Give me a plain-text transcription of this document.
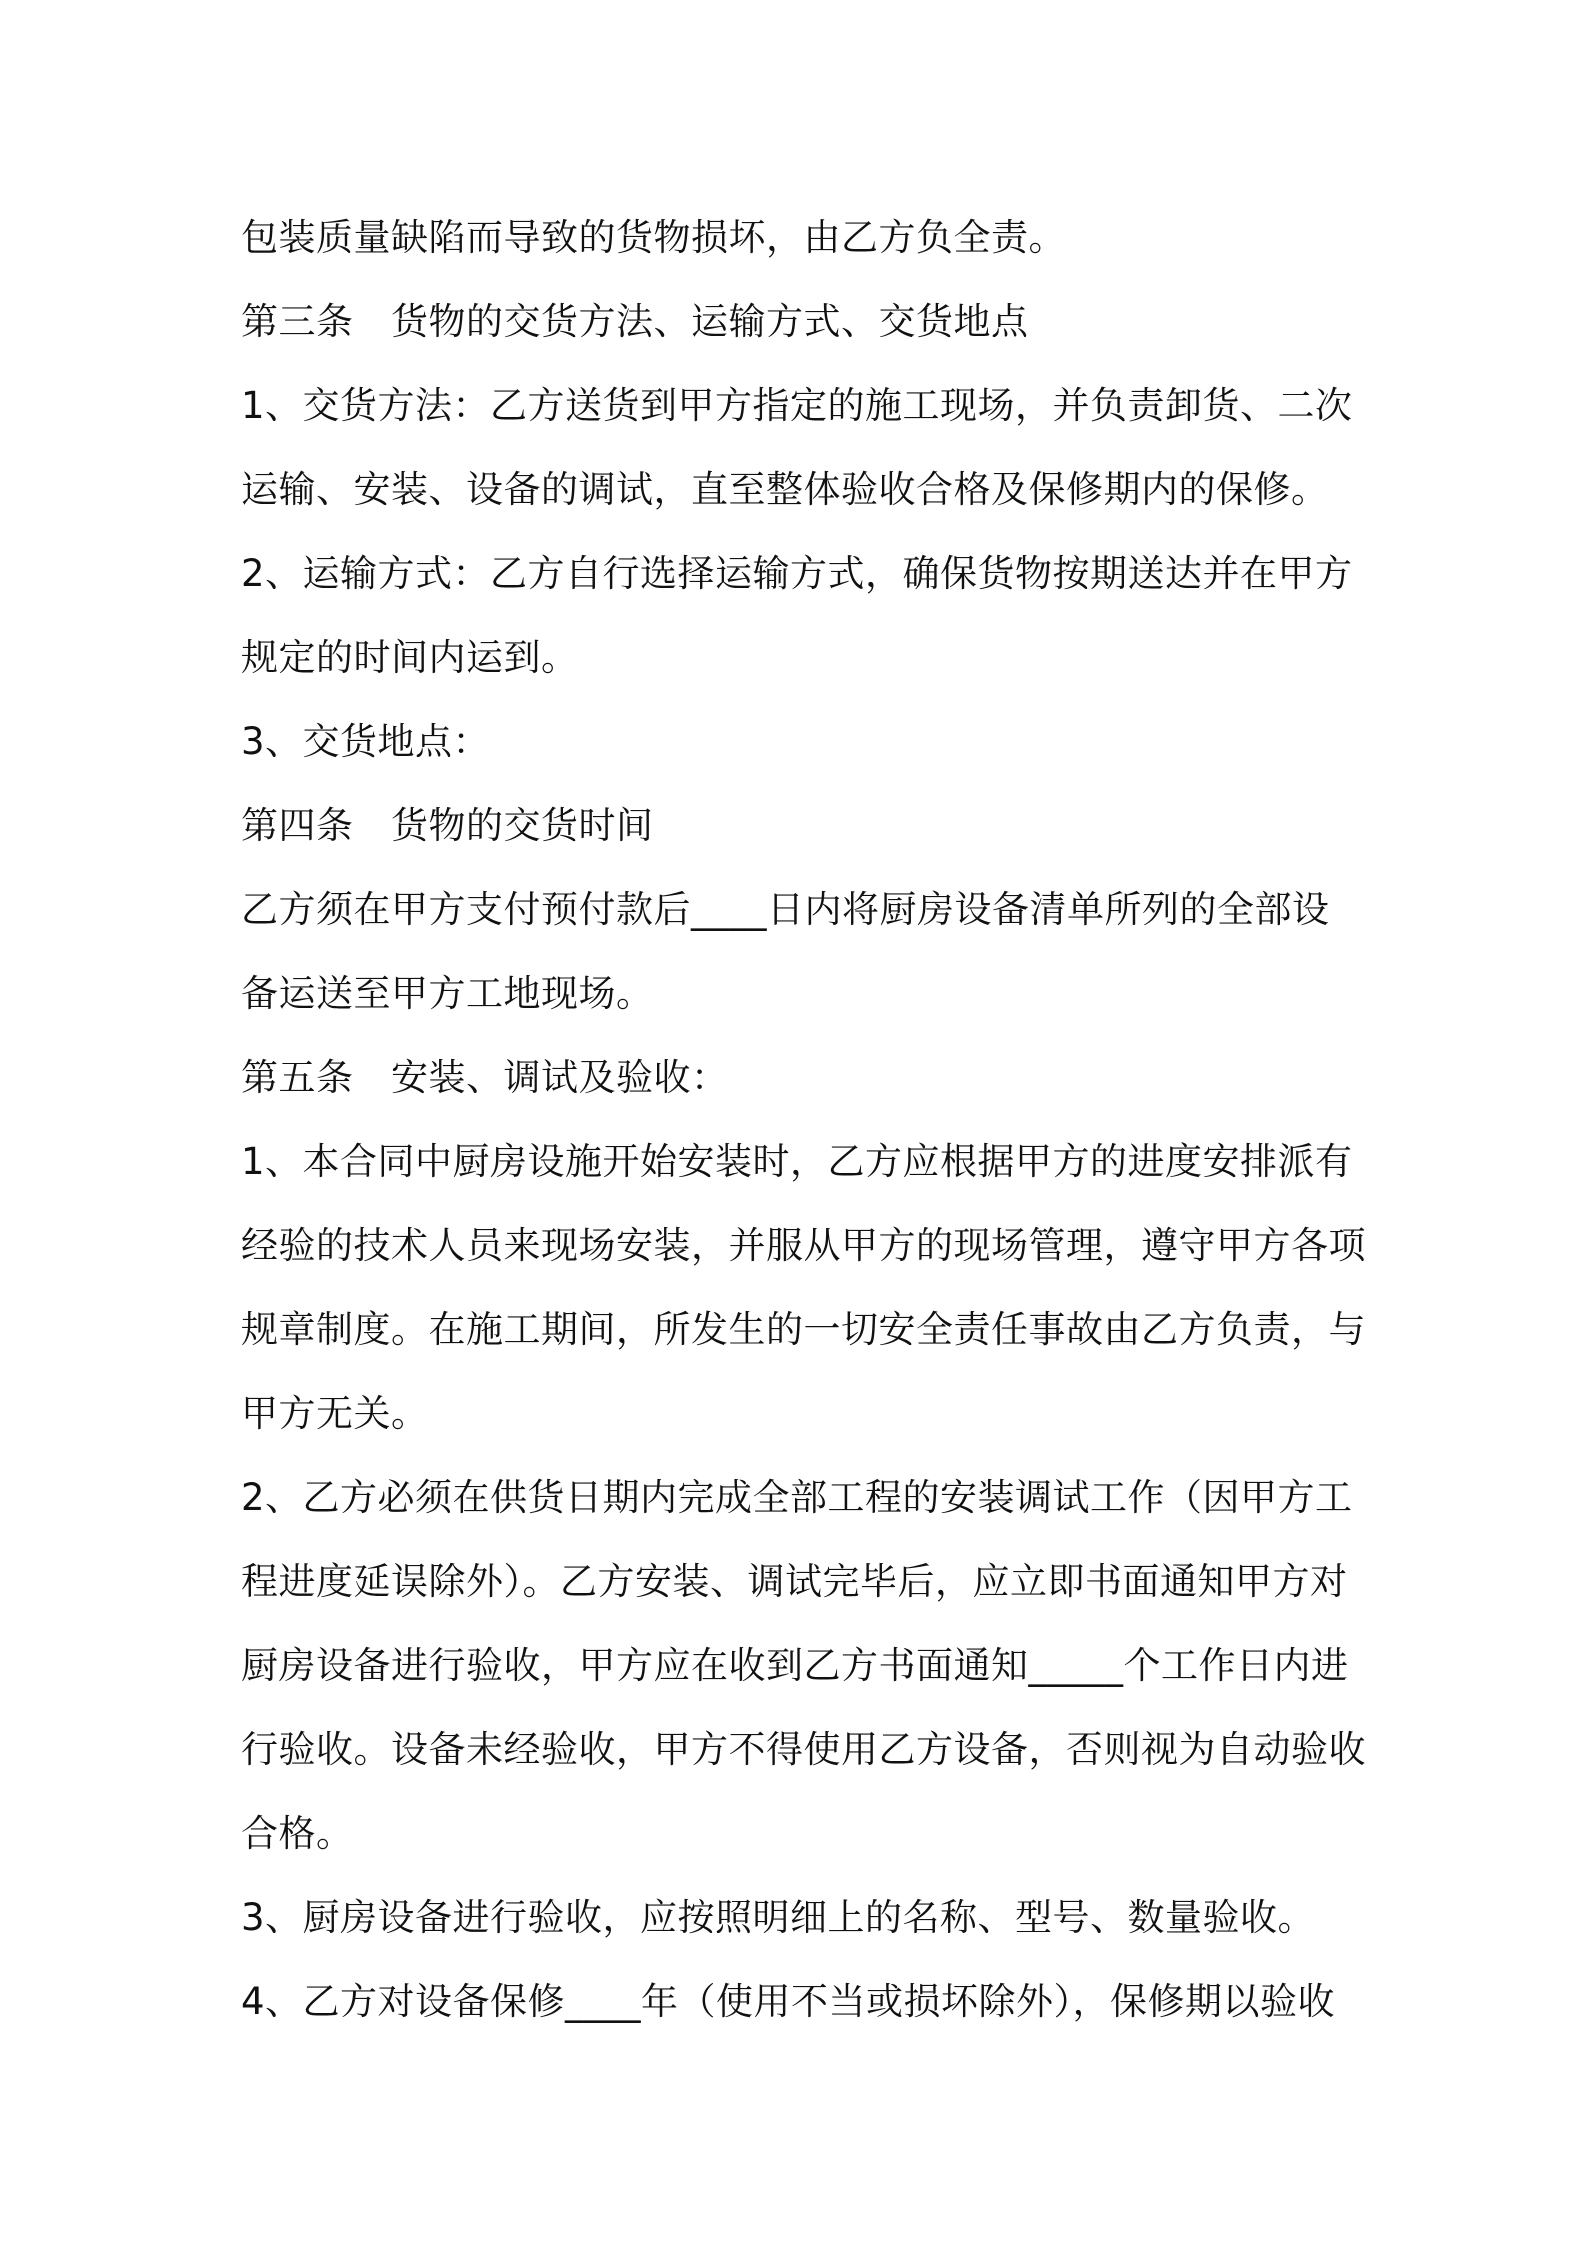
包装质量缺陷而导致的货物损坏，由乙方负全责。
第三条　货物的交货方法、运输方式、交货地点
1、交货方法：乙方送货到甲方指定的施工现场，并负责卸货、二次
运输、安装、设备的调试，直至整体验收合格及保修期内的保修。
2、运输方式：乙方自行选择运输方式，确保货物按期送达并在甲方
规定的时间内运到。
3、交货地点：
第四条　货物的交货时间
乙方须在甲方支付预付款后____日内将厨房设备清单所列的全部设
备运送至甲方工地现场。
第五条　安装、调试及验收：
1、本合同中厨房设施开始安装时，乙方应根据甲方的进度安排派有
经验的技术人员来现场安装，并服从甲方的现场管理，遵守甲方各项
规章制度。在施工期间，所发生的一切安全责任事故由乙方负责，与
甲方无关。
2、乙方必须在供货日期内完成全部工程的安装调试工作（因甲方工
程进度延误除外）。乙方安装、调试完毕后，应立即书面通知甲方对
厨房设备进行验收，甲方应在收到乙方书面通知_____个工作日内进
行验收。设备未经验收，甲方不得使用乙方设备，否则视为自动验收
合格。
3、厨房设备进行验收，应按照明细上的名称、型号、数量验收。
4、乙方对设备保修____年（使用不当或损坏除外），保修期以验收
